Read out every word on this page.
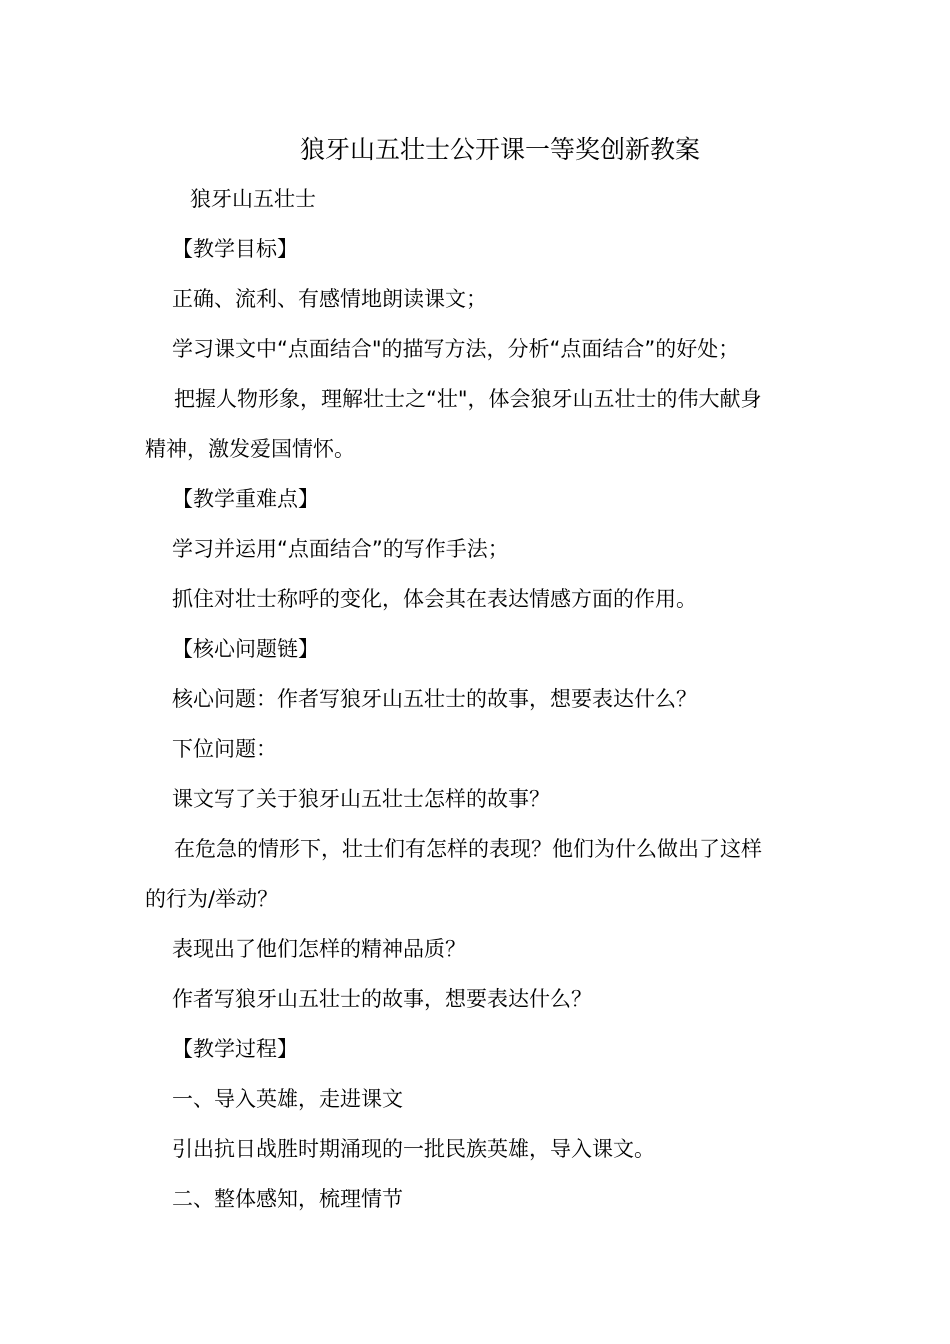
狼牙山五壮士公开课一等奖创新教案

狼牙山五壮士

【教学目标】

正确、流利、有感情地朗读课文；

学习课文中“点面结合"的描写方法，分析“点面结合”的好处；

把握人物形象，理解壮士之“壮"，体会狼牙山五壮士的伟大献身

精神，激发爱国情怀。

【教学重难点】

学习并运用“点面结合”的写作手法；

抓住对壮士称呼的变化，体会其在表达情感方面的作用。

【核心问题链】

核心问题：作者写狼牙山五壮士的故事，想要表达什么？

下位问题：

课文写了关于狼牙山五壮士怎样的故事？

在危急的情形下，壮士们有怎样的表现？他们为什么做出了这样

的行为/举动？

表现出了他们怎样的精神品质？

作者写狼牙山五壮士的故事，想要表达什么？

【教学过程】

一、导入英雄，走进课文

引出抗日战胜时期涌现的一批民族英雄，导入课文。

二、整体感知，梳理情节
